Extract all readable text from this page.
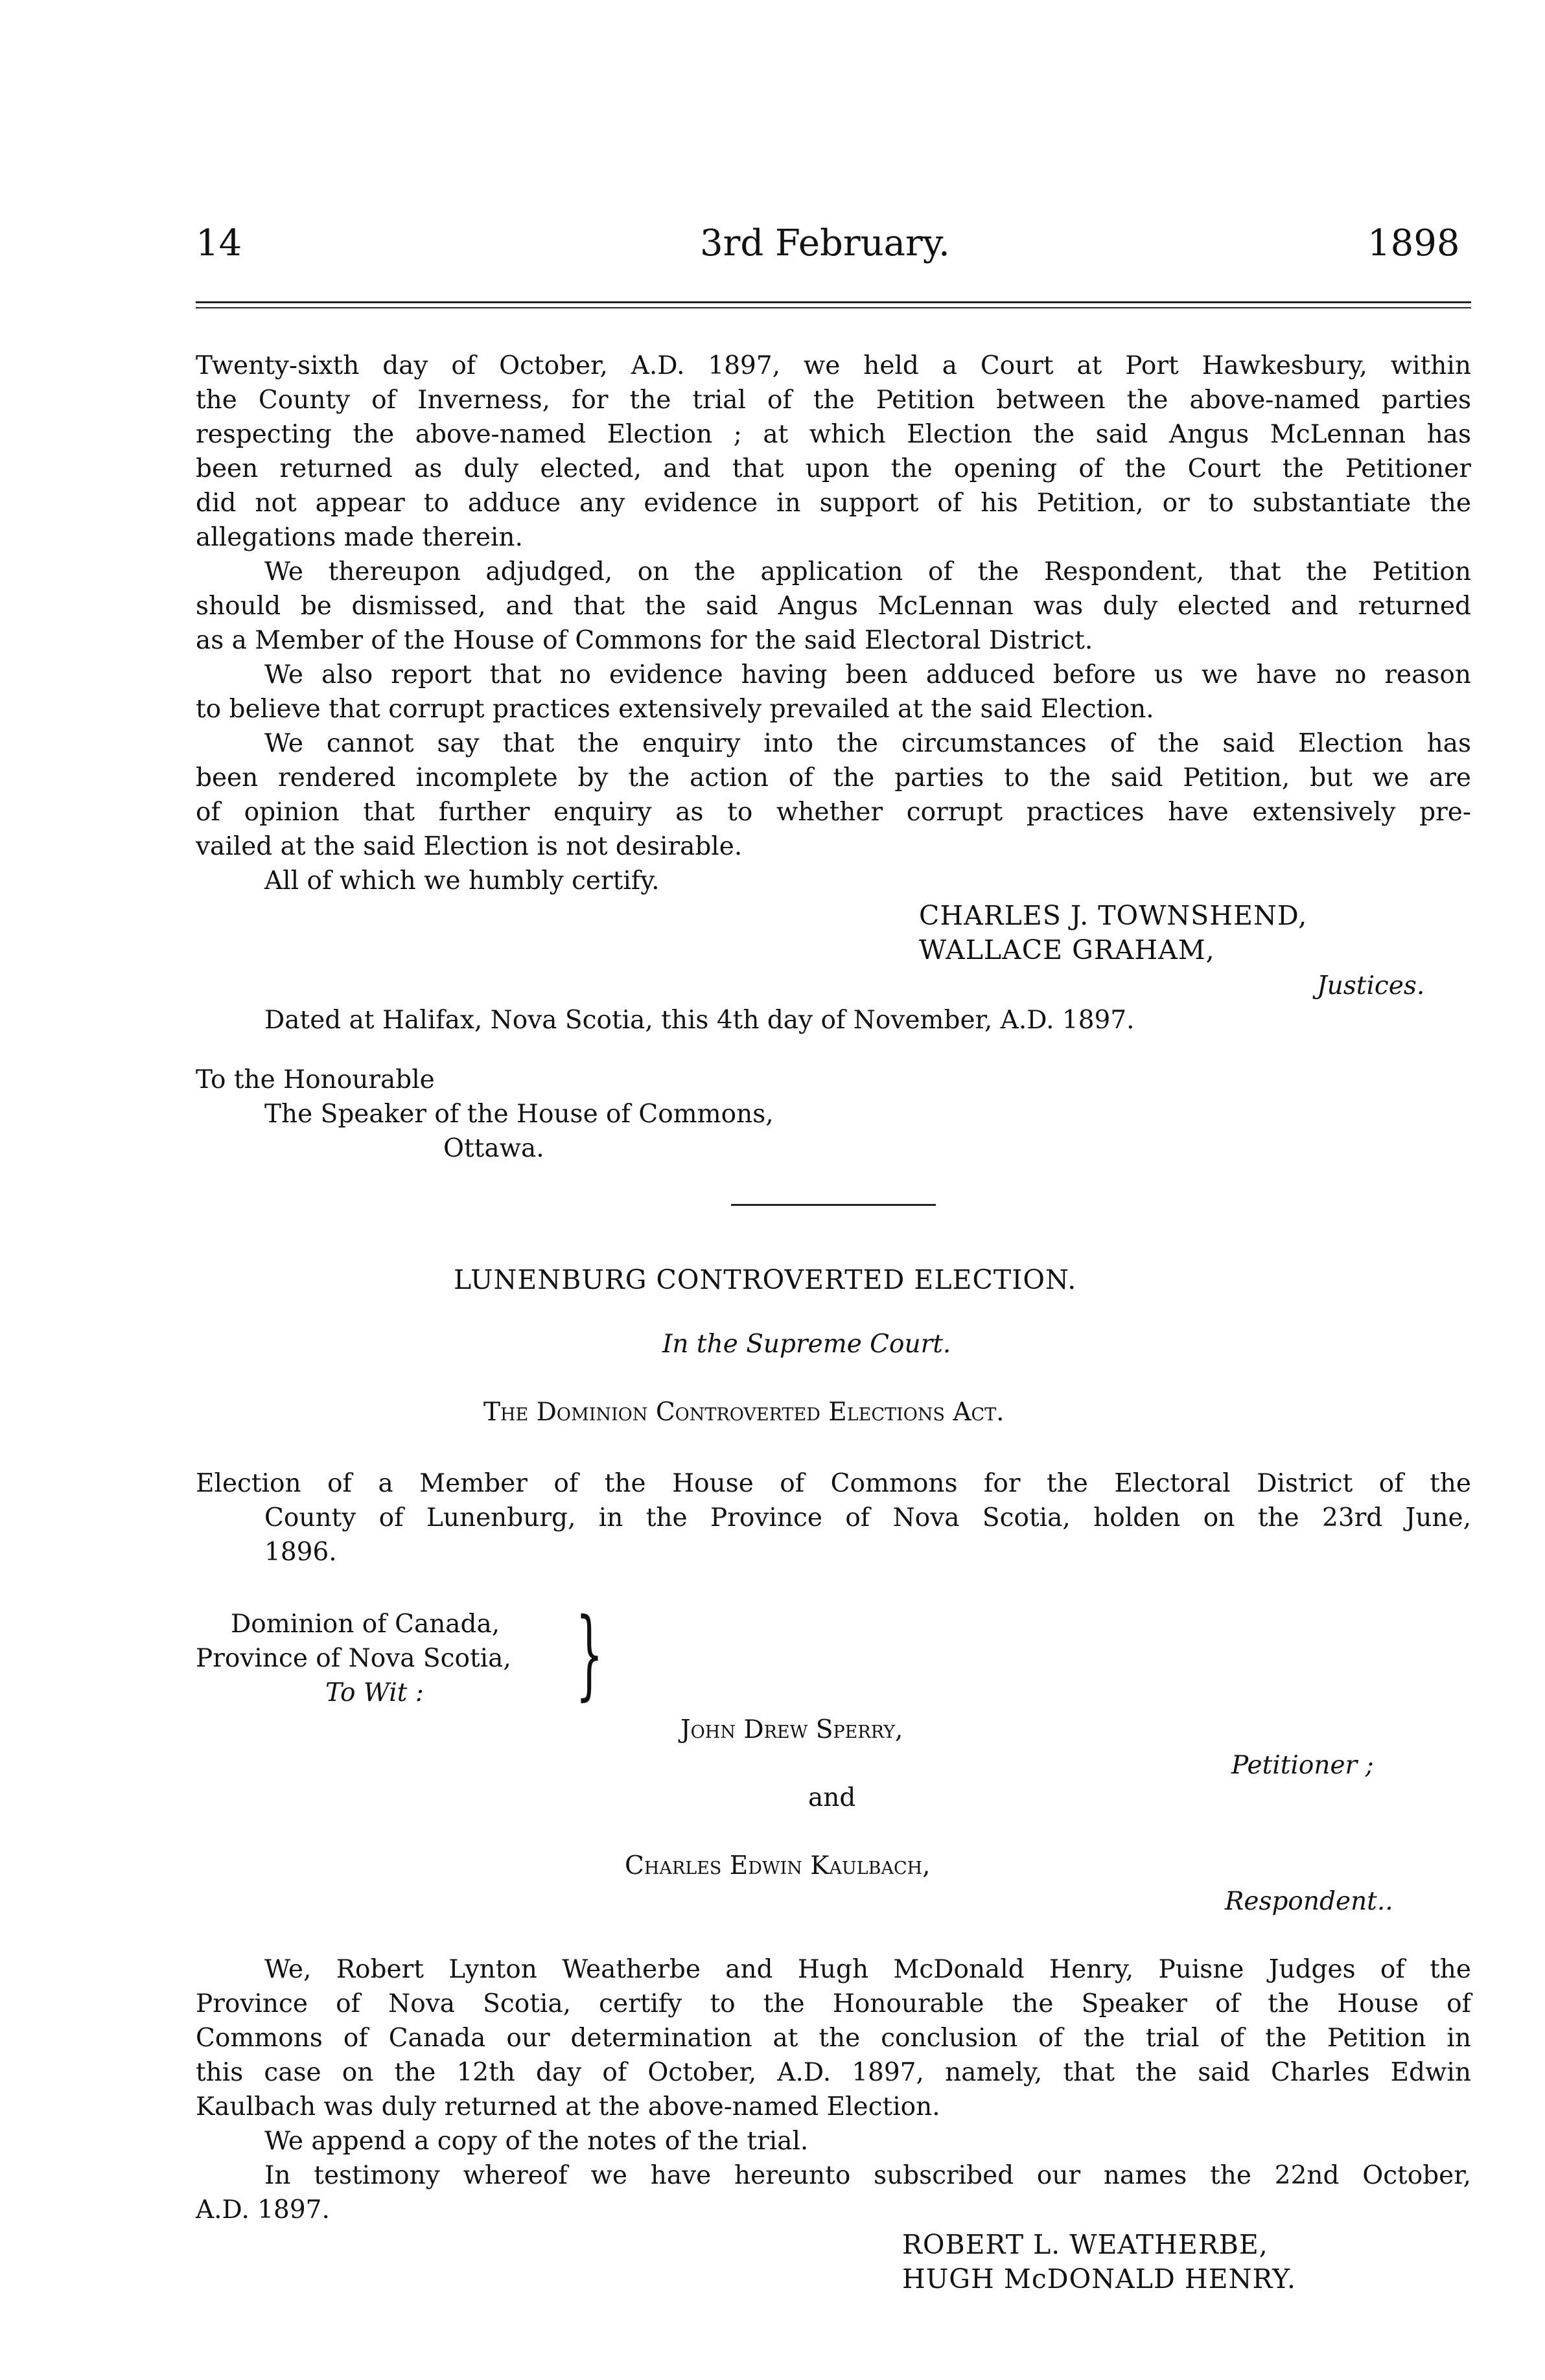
14	3rd February.	1898
Twenty-sixth day of October, A.D. 1897, we held a Court at Port Hawkesbury, within
the County of Inverness, for the trial of the Petition between the above-named parties
respecting the above-named Election ; at which Election the said Angus McLennan has
been returned as duly elected, and that upon the opening of the Court the Petitioner
did not appear to adduce any evidence in support of his Petition, or to substantiate the
allegations made therein.
We thereupon adjudged, on the application of the Respondent, that the Petition
should be dismissed, and that the said Angus McLennan was duly elected and returned
as a Member of the House of Commons for the said Electoral District.
We also report that no evidence having been adduced before us we have no reason
to believe that corrupt practices extensively prevailed at the said Election.
We cannot say that the enquiry into the circumstances of the said Election has
been rendered incomplete by the action of the parties to the said Petition, but we are
of opinion that further enquiry as to whether corrupt practices have extensively pre-
vailed at the said Election is not desirable.
All of which we humbly certify.
CHARLES J. TOWNSHEND,
WALLACE GRAHAM,
Justices.
Dated at Halifax, Nova Scotia, this 4th day of November, A.D. 1897.
To the Honourable
The Speaker of the House of Commons,
Ottawa.
LUNENBURG CONTROVERTED ELECTION.
In the Supreme Court.
The Dominion Controverted Elections Act.
Election of a Member of the House of Commons for the Electoral District of the
County of Lunenburg, in the Province of Nova Scotia, holden on the 23rd June,
1896.
Dominion of Canada,
Province of Nova Scotia,
To Wit : }
John Drew Sperry,
Petitioner ;
and
Charles Edwin Kaulbach,
Respondent..
We, Robert Lynton Weatherbe and Hugh McDonald Henry, Puisne Judges of the
Province of Nova Scotia, certify to the Honourable the Speaker of the House of
Commons of Canada our determination at the conclusion of the trial of the Petition in
this case on the 12th day of October, A.D. 1897, namely, that the said Charles Edwin
Kaulbach was duly returned at the above-named Election.
We append a copy of the notes of the trial.
In testimony whereof we have hereunto subscribed our names the 22nd October,
A.D. 1897.
ROBERT L. WEATHERBE,
HUGH McDONALD HENRY.
